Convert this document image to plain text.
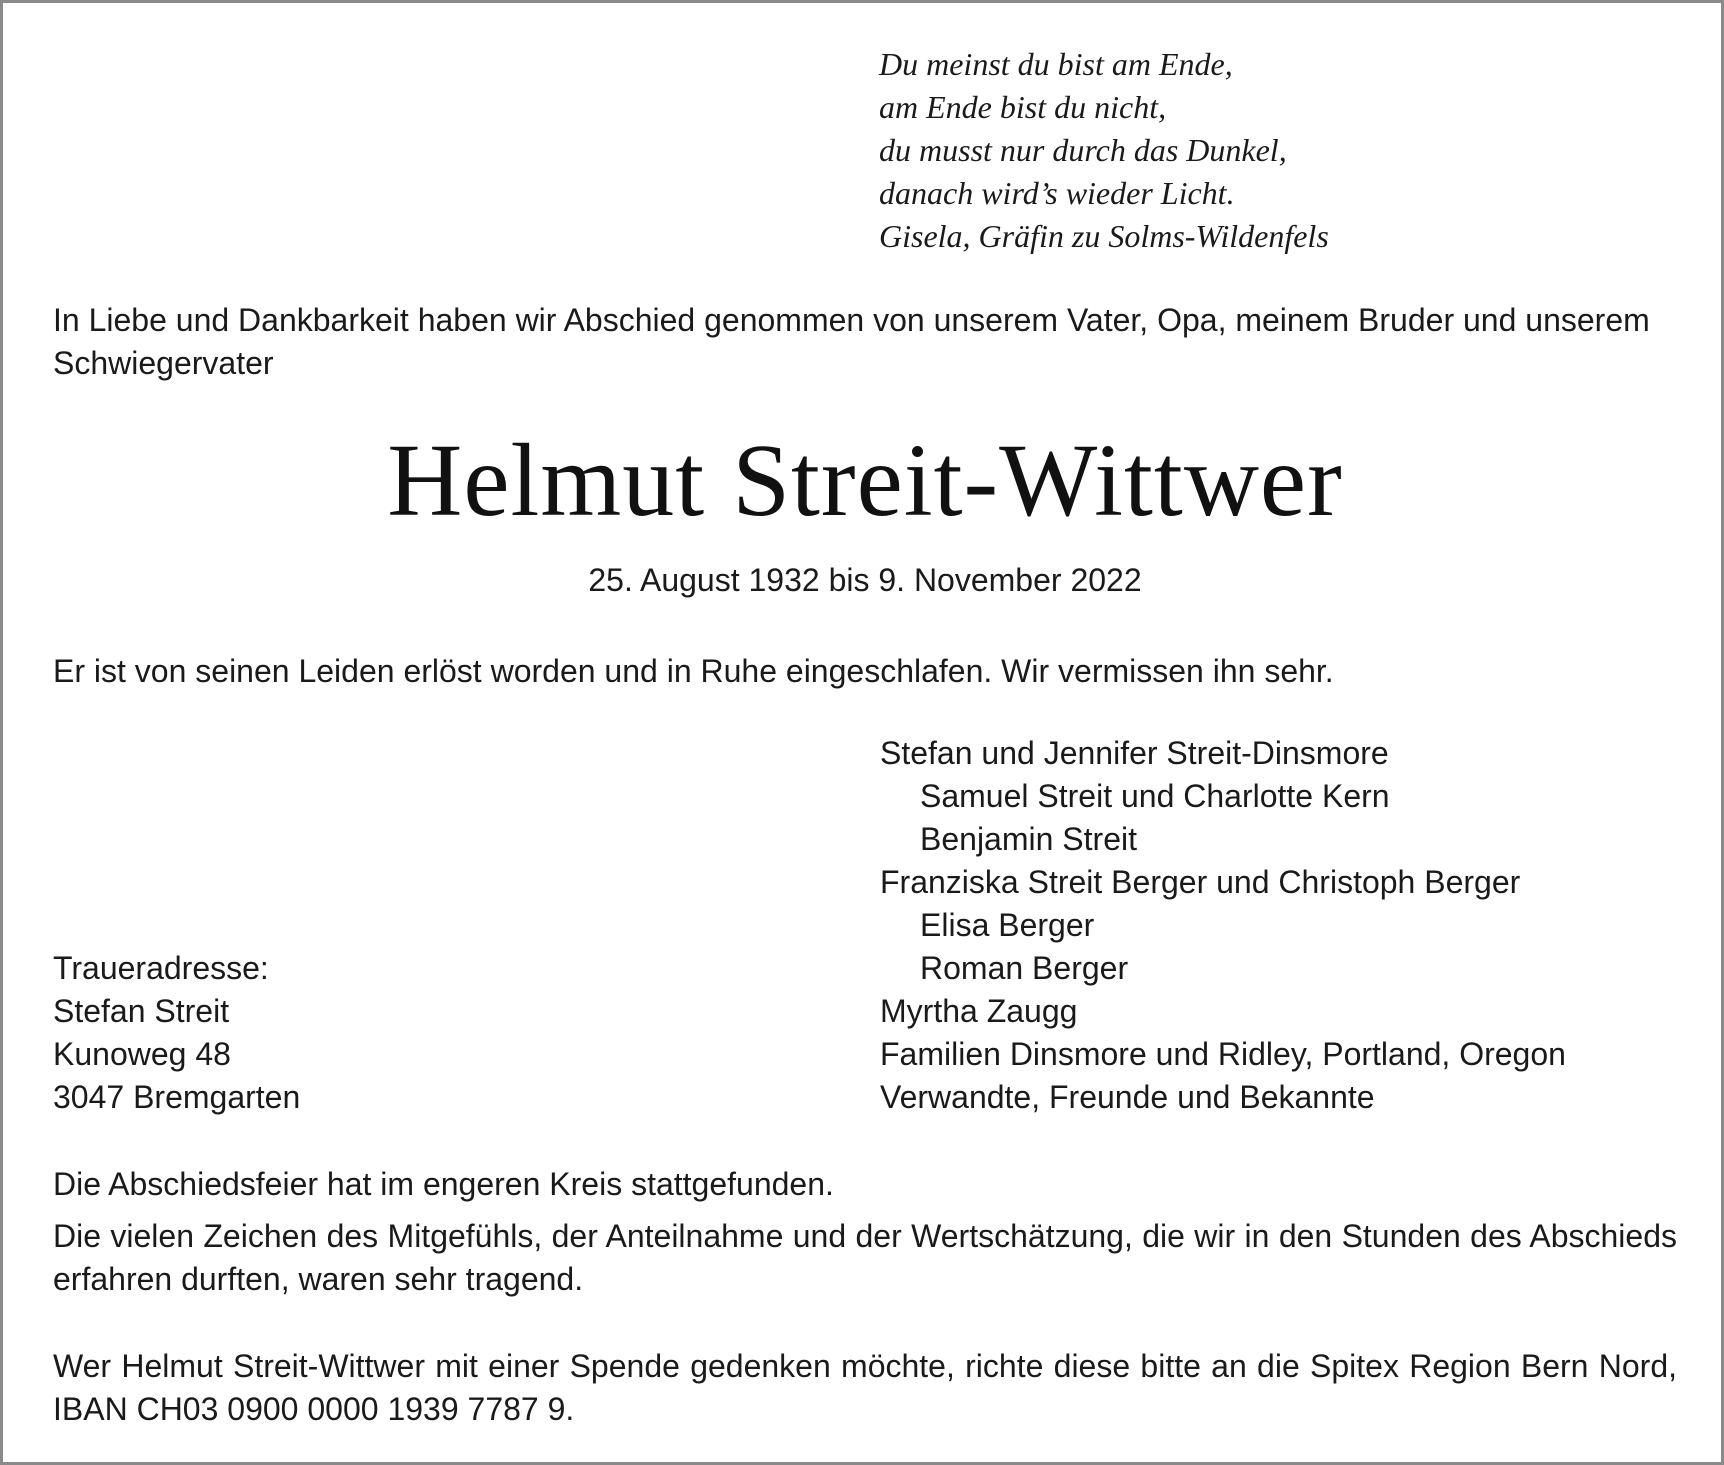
Du meinst du bist am Ende,
am Ende bist du nicht,
du musst nur durch das Dunkel,
danach wird’s wieder Licht.
Gisela, Gräfin zu Solms-Wildenfels
In Liebe und Dankbarkeit haben wir Abschied genommen von unserem Vater, Opa, meinem Bruder und unserem Schwiegervater
Helmut Streit-Wittwer
25. August 1932 bis 9. November 2022
Er ist von seinen Leiden erlöst worden und in Ruhe eingeschlafen. Wir vermissen ihn sehr.
Stefan und Jennifer Streit-Dinsmore
Samuel Streit und Charlotte Kern
Benjamin Streit
Franziska Streit Berger und Christoph Berger
Elisa Berger
Roman Berger
Myrtha Zaugg
Familien Dinsmore und Ridley, Portland, Oregon
Verwandte, Freunde und Bekannte
Traueradresse:
Stefan Streit
Kunoweg 48
3047 Bremgarten
Die Abschiedsfeier hat im engeren Kreis stattgefunden.
Die vielen Zeichen des Mitgefühls, der Anteilnahme und der Wertschätzung, die wir in den Stunden des Abschieds erfahren durften, waren sehr tragend.
Wer Helmut Streit-Wittwer mit einer Spende gedenken möchte, richte diese bitte an die Spitex Region Bern Nord, IBAN CH03 0900 0000 1939 7787 9.
